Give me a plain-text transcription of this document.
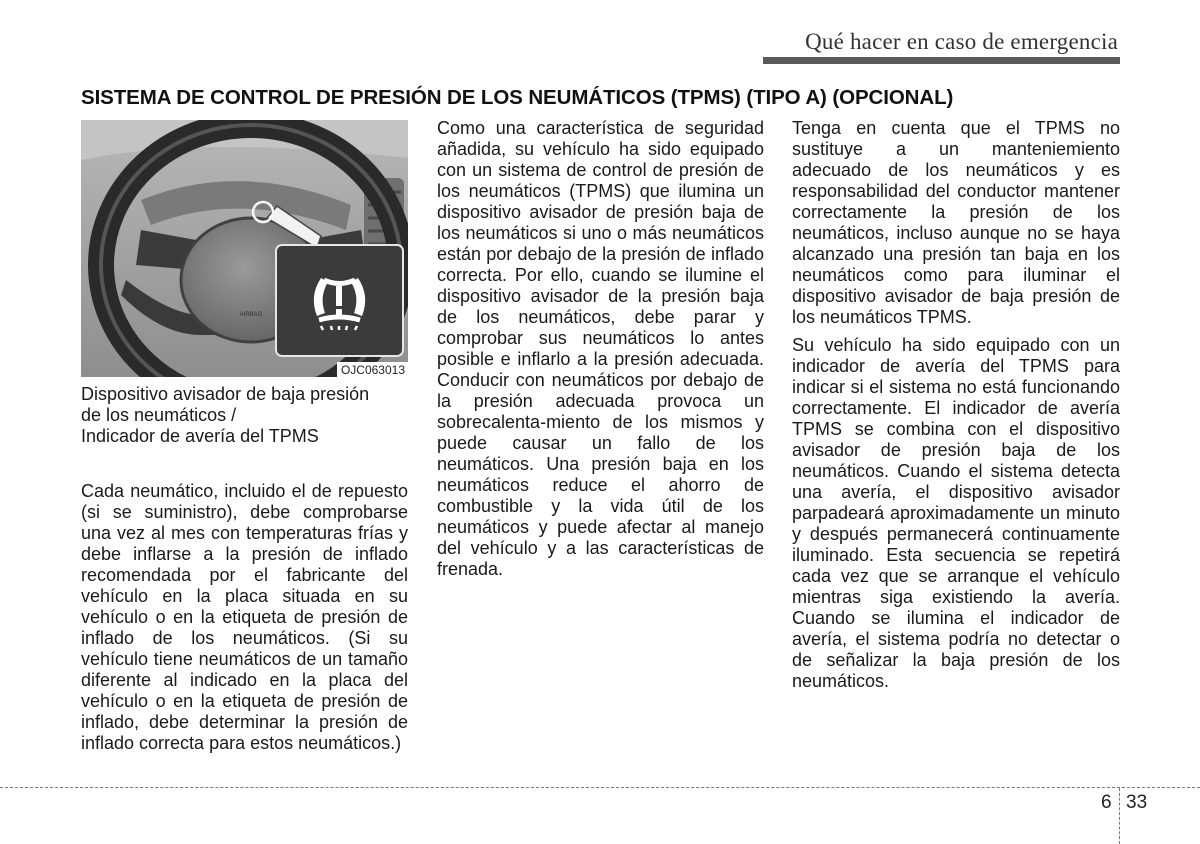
Qué hacer en caso de emergencia
SISTEMA DE CONTROL DE PRESIÓN DE LOS NEUMÁTICOS (TPMS) (TIPO A) (OPCIONAL)
AIRBAG
OJC063013
Dispositivo avisador de baja presión
de los neumáticos /
Indicador de avería del TPMS

Cada neumático, incluido el de repuesto (si se suministro), debe comprobarse una vez al mes con temperaturas frías y debe inflarse a la presión de inflado recomendada por el fabricante del vehículo en la placa situada en su vehículo o en la etiqueta de presión de inflado de los neumáticos. (Si su vehículo tiene neumáticos de un tamaño diferente al indicado en la placa del vehículo o en la etiqueta de presión de inflado, debe determinar la presión de inflado correcta para estos neumáticos.)

Como una característica de seguridad añadida, su vehículo ha sido equipado con un sistema de control de presión de los neumáticos (TPMS) que ilumina un dispositivo avisador de presión baja de los neumáticos si uno o más neumáticos están por debajo de la presión de inflado correcta. Por ello, cuando se ilumine el dispositivo avisador de la presión baja de los neumáticos, debe parar y comprobar sus neumáticos lo antes posible e inflarlo a la presión adecuada. Conducir con neumáticos por debajo de la presión adecuada provoca un sobrecalenta-miento de los mismos y puede causar un fallo de los neumáticos. Una presión baja en los neumáticos reduce el ahorro de combustible y la vida útil de los neumáticos y puede afectar al manejo del vehículo y a las características de frenada.

Tenga en cuenta que el TPMS no sustituye a un manteniemiento adecuado de los neumáticos y es responsabilidad del conductor mantener correctamente la presión de los neumáticos, incluso aunque no se haya alcanzado una presión tan baja en los neumáticos como para iluminar el dispositivo avisador de baja presión de los neumáticos TPMS.

Su vehículo ha sido equipado con un indicador de avería del TPMS para indicar si el sistema no está funcionando correctamente. El indicador de avería TPMS se combina con el dispositivo avisador de presión baja de los neumáticos. Cuando el sistema detecta una avería, el dispositivo avisador parpadeará aproximadamente un minuto y después permanecerá continuamente iluminado. Esta secuencia se repetirá cada vez que se arranque el vehículo mientras siga existiendo la avería. Cuando se ilumina el indicador de avería, el sistema podría no detectar o de señalizar la baja presión de los neumáticos.

6 33
